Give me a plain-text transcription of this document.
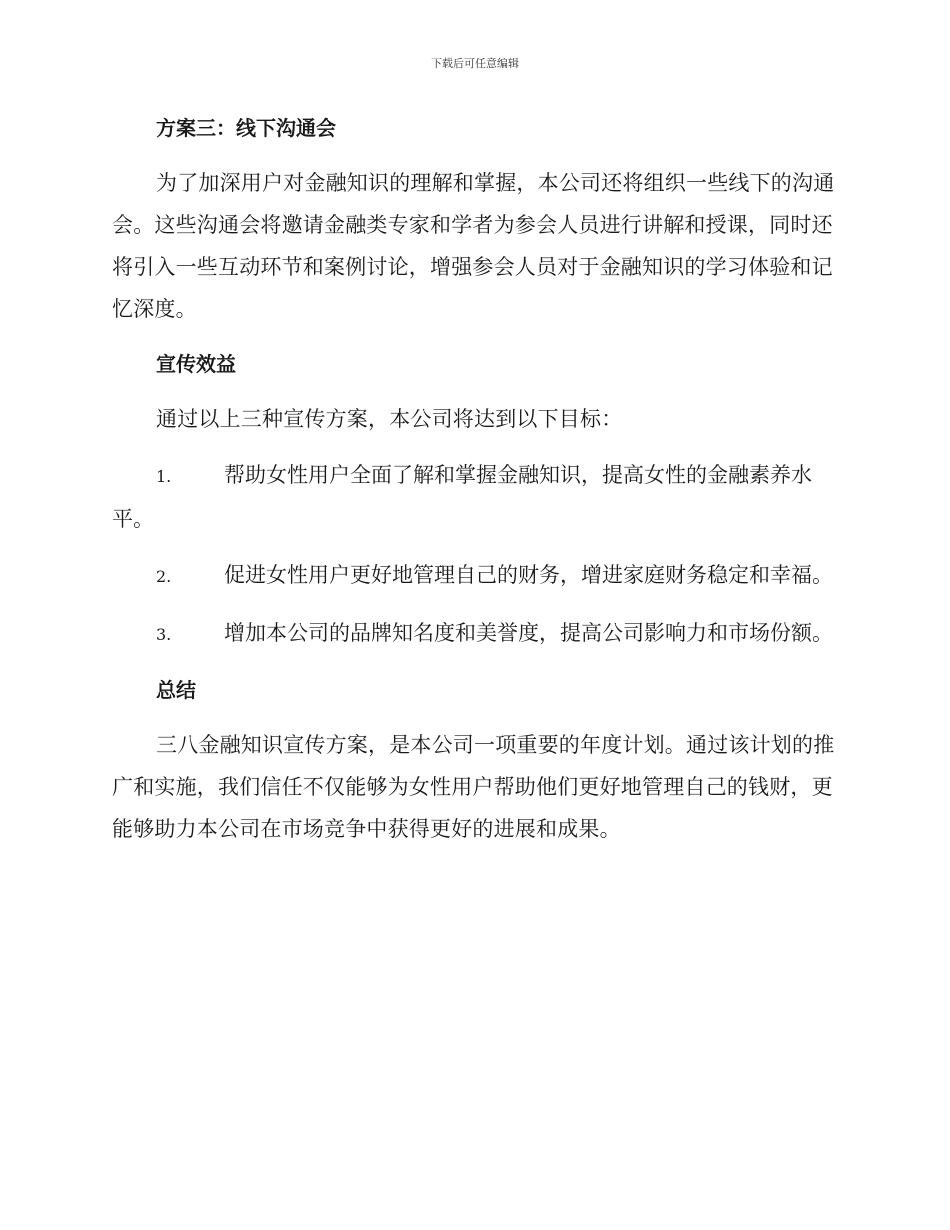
下载后可任意编辑
方案三：线下沟通会

为了加深用户对金融知识的理解和掌握，本公司还将组织一些线下的沟通会。这些沟通会将邀请金融类专家和学者为参会人员进行讲解和授课，同时还将引入一些互动环节和案例讨论，增强参会人员对于金融知识的学习体验和记忆深度。

宣传效益

通过以上三种宣传方案，本公司将达到以下目标：

1.	帮助女性用户全面了解和掌握金融知识，提高女性的金融素养水平。

2.	促进女性用户更好地管理自己的财务，增进家庭财务稳定和幸福。

3.	增加本公司的品牌知名度和美誉度，提高公司影响力和市场份额。

总结

三八金融知识宣传方案，是本公司一项重要的年度计划。通过该计划的推广和实施，我们信任不仅能够为女性用户帮助他们更好地管理自己的钱财，更能够助力本公司在市场竞争中获得更好的进展和成果。
